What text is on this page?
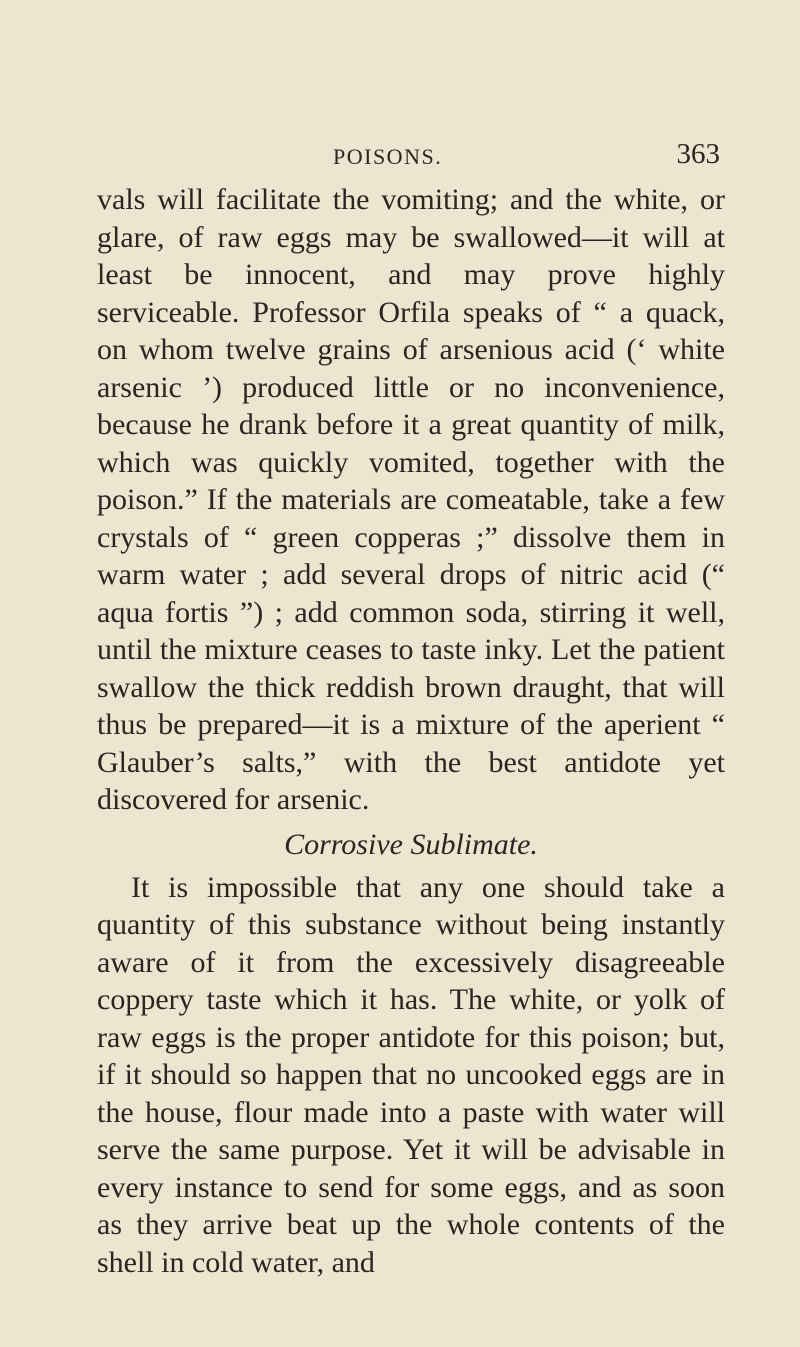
POISONS.	363

vals will facilitate the vomiting; and the white, or glare, of raw eggs may be swallowed—it will at least be innocent, and may prove highly serviceable. Professor Orfila speaks of “ a quack, on whom twelve grains of arsenious acid (‘ white arsenic ’) produced little or no inconvenience, because he drank before it a great quantity of milk, which was quickly vomited, together with the poison.” If the materials are comeatable, take a few crystals of “ green copperas ;” dissolve them in warm water ; add several drops of nitric acid (“ aqua fortis ”) ; add common soda, stirring it well, until the mixture ceases to taste inky. Let the patient swallow the thick reddish brown draught, that will thus be prepared—it is a mixture of the aperient “ Glauber’s salts,” with the best antidote yet discovered for arsenic.

Corrosive Sublimate.

It is impossible that any one should take a quantity of this substance without being instantly aware of it from the excessively disagreeable coppery taste which it has. The white, or yolk of raw eggs is the proper antidote for this poison; but, if it should so happen that no uncooked eggs are in the house, flour made into a paste with water will serve the same purpose. Yet it will be advisable in every instance to send for some eggs, and as soon as they arrive beat up the whole contents of the shell in cold water, and
